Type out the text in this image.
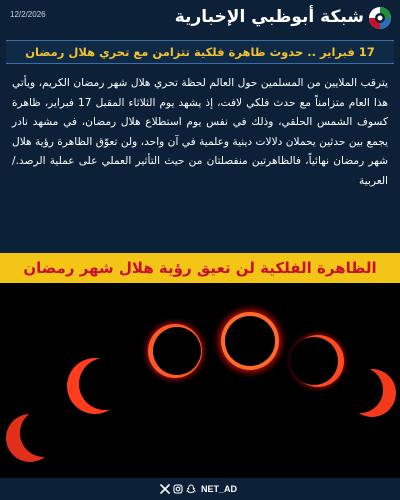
12/2/2026	شبكة أبوظبي الإخبارية
17 فبراير .. حدوث ظاهرة فلكية تتزامن مع تحري هلال رمضان
يترقب الملايين من المسلمين حول العالم لحظة تحري هلال شهر رمضان الكريم، ويأتي هذا العام متزامناً مع حدث فلكي لافت، إذ يشهد يوم الثلاثاء المقبل 17 فبراير، ظاهرة كسوف الشمس الحلقي، وذلك في نفس يوم استطلاع هلال رمضان، في مشهد نادر يجمع بين حدثين يحملان دلالات دينية وعلمية في آن واحد، ولن تعوّق الظاهرة رؤية هلال شهر رمضان نهائياً، فالظاهرتين منفصلتان من حيث التأثير العملي على عملية الرصد./ العربية
الظاهرة الفلكية لن تعيق رؤية هلال شهر رمضان
NET_AD
